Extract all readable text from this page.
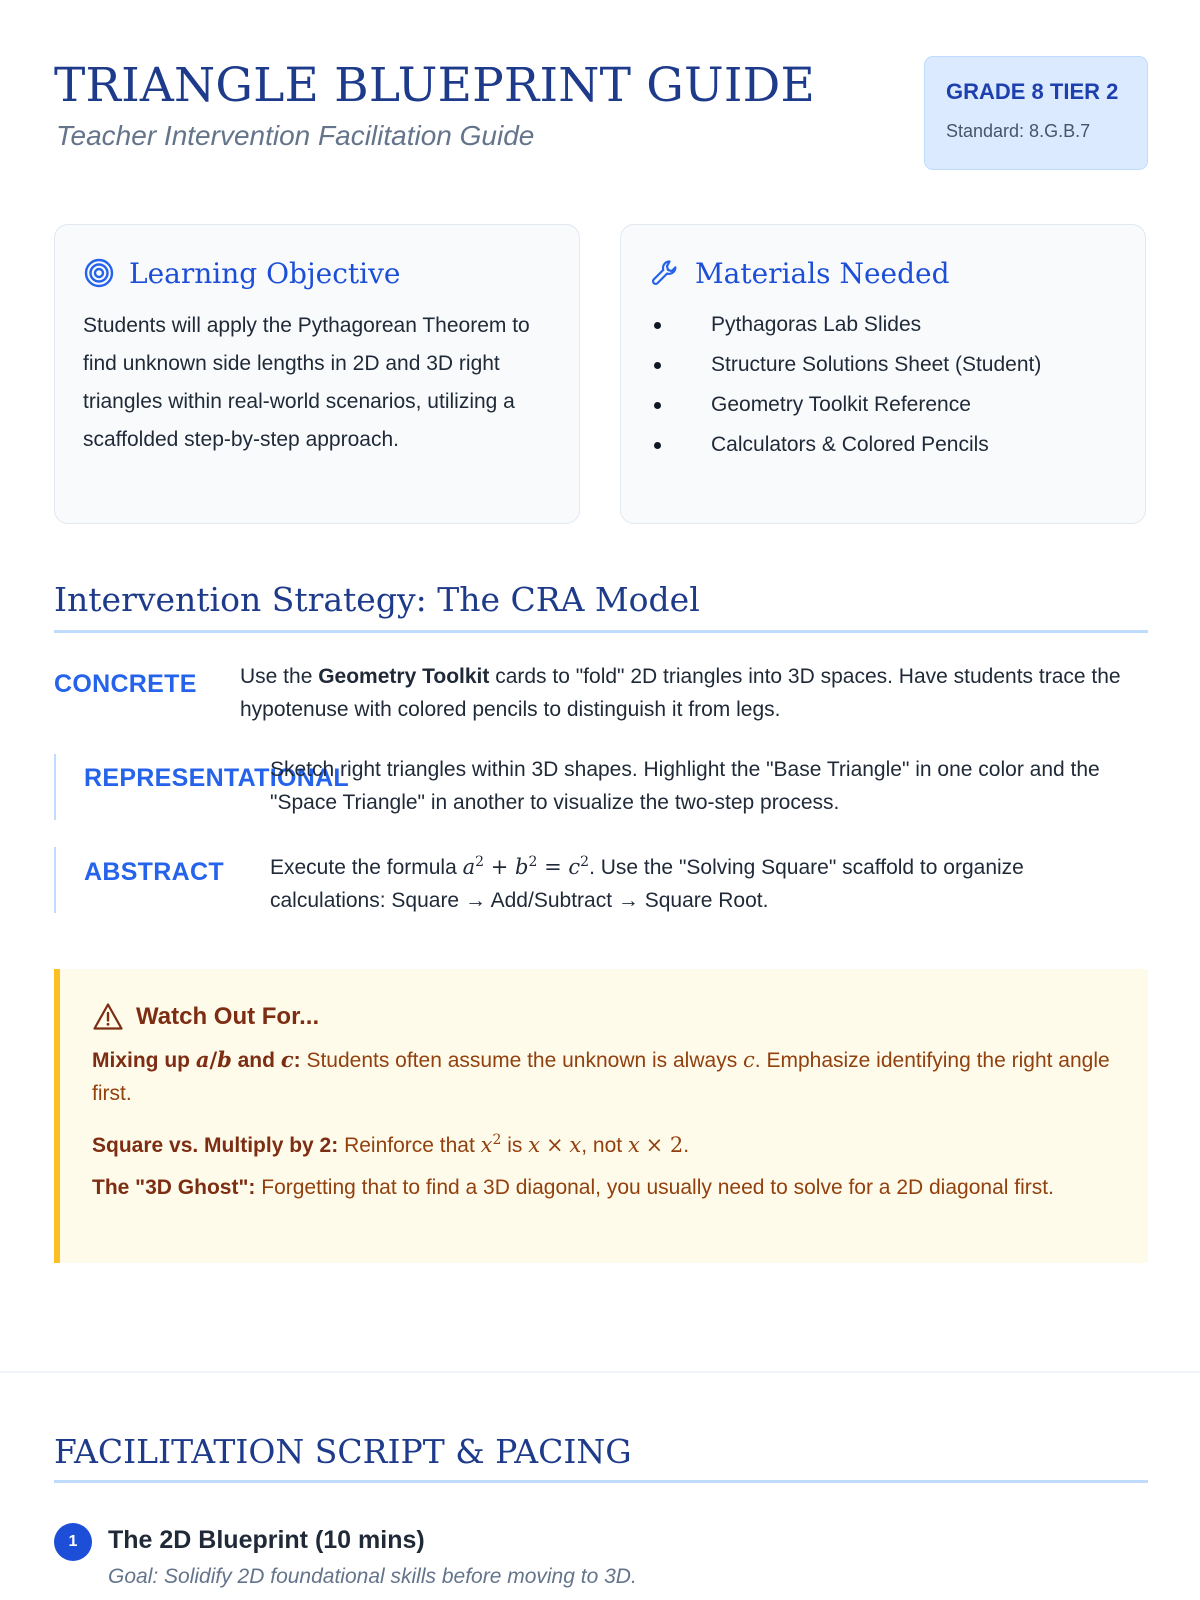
TRIANGLE BLUEPRINT GUIDE
Teacher Intervention Facilitation Guide
GRADE 8 TIER 2
Standard: 8.G.B.7
Learning Objective
Students will apply the Pythagorean Theorem to find unknown side lengths in 2D and 3D right triangles within real-world scenarios, utilizing a scaffolded step-by-step approach.
Materials Needed
Pythagoras Lab Slides
Structure Solutions Sheet (Student)
Geometry Toolkit Reference
Calculators & Colored Pencils
Intervention Strategy: The CRA Model
CONCRETE Use the Geometry Toolkit cards to "fold" 2D triangles into 3D spaces. Have students trace the hypotenuse with colored pencils to distinguish it from legs.
REPRESENTATIONAL
Sketch right triangles within 3D shapes. Highlight the "Base Triangle" in one color and the "Space Triangle" in another to visualize the two-step process.
ABSTRACT Execute the formula $a^2 + b^2 = c^2$. Use the "Solving Square" scaffold to organize calculations: Square → Add/Subtract → Square Root.
Watch Out For...
Mixing up a/b and c: Students often assume the unknown is always c. Emphasize identifying the right angle first.
Square vs. Multiply by 2: Reinforce that $x^2$ is x × x, not x × 2.
The "3D Ghost": Forgetting that to find a 3D diagonal, you usually need to solve for a 2D diagonal first.
FACILITATION SCRIPT & PACING
1	The 2D Blueprint (10 mins)
Goal: Solidify 2D foundational skills before moving to 3D.
